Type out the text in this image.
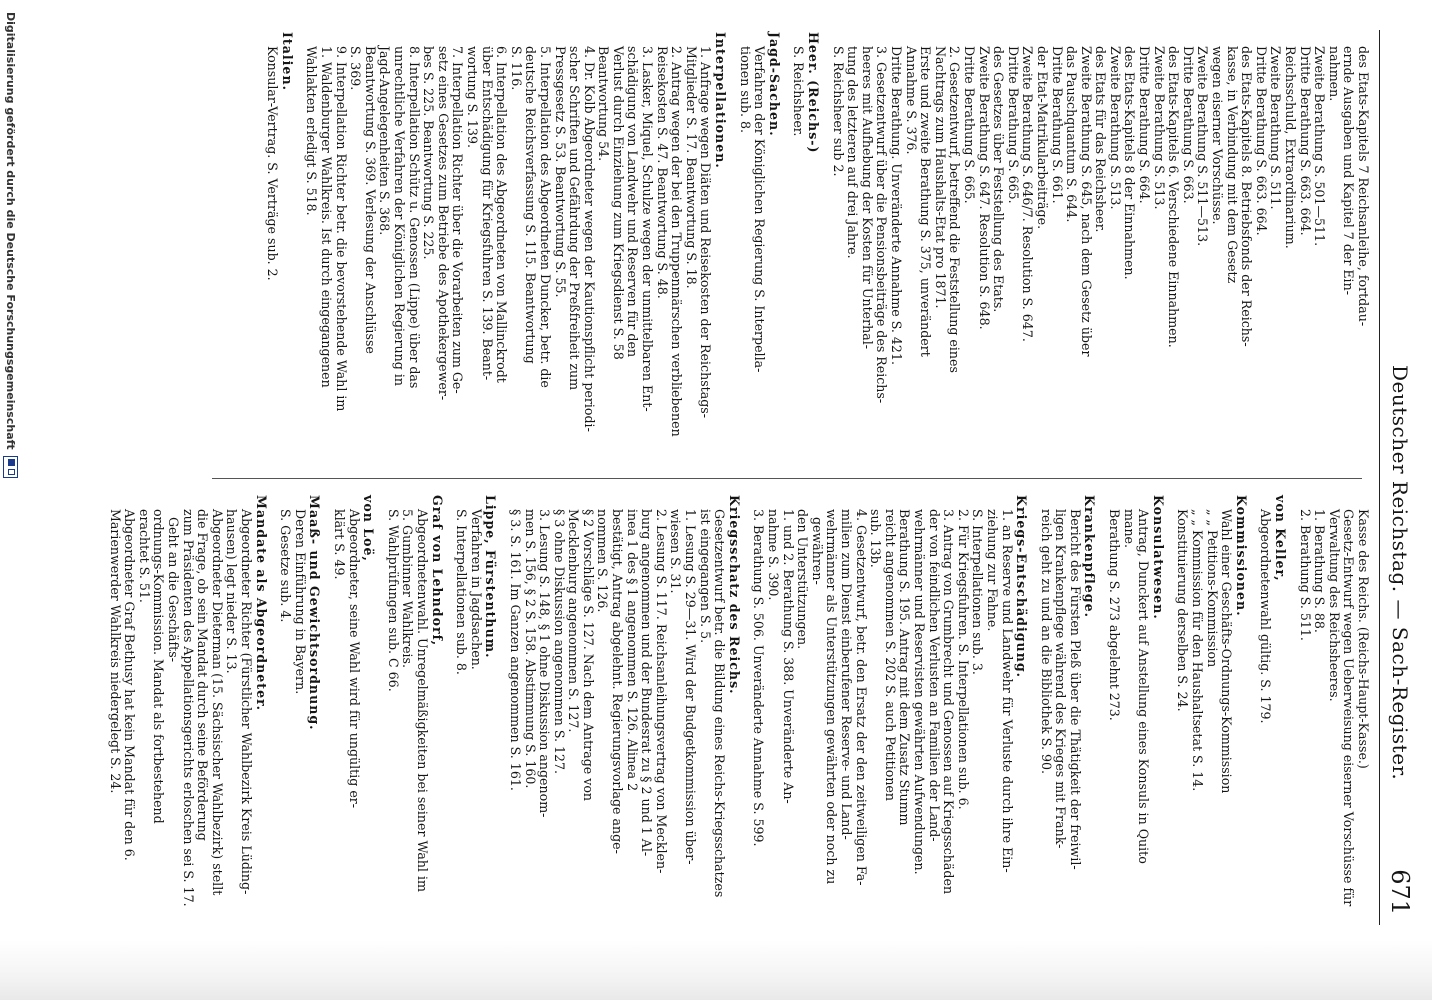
Deutscher Reichstag. — Sach-Register.
671
des Etats-Kapitels 7 Reichsanleihe, fortdau-
ernde Ausgaben und Kapitel 7 der Ein-
nahmen.
Zweite Berathung S. 501—511.
Dritte Berathung S. 663. 664.
Reichsschuld, Extraordinarium.
Zweite Berathung S. 511.
Dritte Berathung S. 663. 664.
des Etats-Kapitels 8. Betriebsfonds der Reichs-
kasse, in Verbindung mit dem Gesetz
wegen eiserner Vorschüsse.
Zweite Berathung S. 511—513.
Dritte Berathung S. 663.
des Etats-Kapitels 6. Verschiedene Einnahmen.
Zweite Berathung S. 513.
Dritte Berathung S. 664.
des Etats-Kapitels 8 der Einnahmen.
Zweite Berathung S. 513.
des Etats für das Reichsheer.
Zweite Berathung S. 645, nach dem Gesetz über
das Pauschquantum S. 644.
Dritte Berathung S. 661.
der Etat-Matrikularbeiträge.
Zweite Berathung S. 646/7. Resolution S. 647.
Dritte Berathung S. 665.
des Gesetzes über Feststellung des Etats.
Zweite Berathung S. 647. Resolution S. 648.
Dritte Berathung S. 665.
2. Gesetzentwurf, betreffend die Feststellung eines
Nachtrags zum Haushalts-Etat pro 1871.
Erste und zweite Berathung S. 375, unverändert
Annahme S. 376.
Dritte Berathung. Unveränderte Annahme S. 421.
3. Gesetzentwurf über die Pensionsbeiträge des Reichs-
heeres mit Aufhebung der Kosten für Unterhal-
tung des letzteren auf drei Jahre.
S. Reichsheer sub 2.
Heer. (Reichs-)
S. Reichsheer.
Jagd-Sachen.
Verfahren der Königlichen Regierung S. Interpella-
tionen sub. 8.
Interpellationen.
1. Anfrage wegen Diäten und Reisekosten der Reichstags-
Mitglieder S. 17. Beantwortung S. 18.
2. Antrag wegen der bei den Truppenmärschen verbliebenen
Reisekosten S. 47. Beantwortung S. 48.
3. Lasker, Miquel, Schulze wegen der unmittelbaren Ent-
schädigung von Landwehr und Reserven für den
Verlust durch Einziehung zum Kriegsdienst S. 58
Beantwortung 54.
4. Dr. Kolb Abgeordneter wegen der Kautionspflicht periodi-
scher Schriften und Gefährdung der Preßfreiheit zum
Pressgesetz S. 53. Beantwortung S. 55.
5. Interpellation des Abgeordneten Duncker, betr. die
deutsche Reichsverfassung S. 115. Beantwortung
S. 116.
6. Interpellation des Abgeordneten von Mallinckrodt
über Entschädigung für Kriegsfuhren S. 139. Beant-
wortung S. 139.
7. Interpellation Richter über die Vorarbeiten zum Ge-
setz eines Gesetzes zum Betriebe des Apothekergewer-
bes S. 225. Beantwortung S. 225.
8. Interpellation Schütz u. Genossen (Lippe) über das
unrechtliche Verfahren der Königlichen Regierung in
Jagd-Angelegenheiten S. 368.
Beantwortung S. 369. Verlesung der Anschlüsse
S. 369.
9. Interpellation Richter betr. die bevorstehende Wahl im
1. Waldenburger Wahlkreis. Ist durch eingegangenen
Wahlakten erledigt S. 518.
Italien.
Konsular-Vertrag. S. Verträge sub. 2.
Kasse des Reichs. (Reichs-Haupt-Kasse.)
Gesetz-Entwurf wegen Ueberweisung eiserner Vorschüsse für
Verwaltung des Reichsheeres.
1. Berathung S. 88.
2. Berathung S. 511.
von Keller,
Abgeordnetenwahl gültig. S. 179.
Kommissionen.
Wahl einer Geschäfts-Ordnungs-Kommission
„ „ Petitions-Kommission
„ „ Kommission für den Haushaltsetat S. 14.
Konstituierung derselben S. 24.
Konsulatwesen.
Antrag, Dunckert auf Anstellung eines Konsuls in Quito
mane.
Berathung S. 273 abgelehnt 273.
Krankenpflege.
Bericht des Fürsten Pleß über die Thätigkeit der freiwil-
ligen Krankenpflege während des Krieges mit Frank-
reich geht zu und an die Bibliothek S. 90.
Kriegs-Entschädigung.
1. an Reserve und Landwehr für Verluste durch ihre Ein-
ziehung zur Fahne.
S. Interpellationen sub. 3.
2. Für Kriegsfuhren. S. Interpellationen sub. 6.
3. Antrag von Grumbrecht und Genossen auf Kriegsschäden
der von feindlichen Verlusten an Familien der Land-
wehrmänner und Reservisten gewährten Aufwendungen.
Berathung S. 195. Antrag mit dem Zusatz Stumm
reicht angenommen S. 202 S. auch Petitionen
sub. 13b.
4. Gesetzentwurf, betr. den Ersatz der den zeitweiligen Fa-
milien zum Dienst einberufener Reserve- und Land-
wehrmänner als Unterstützungen gewährten oder noch zu gewähren-
den Unterstützungen.
1. und 2. Berathung S. 388. Unveränderte An-
nahme S. 390.
3. Berathung S. 506. Unveränderte Annahme S. 599.
Kriegsschatz des Reichs.
Gesetzentwurf betr. die Bildung eines Reichs-Kriegsschatzes
ist eingegangen S. 5.
1. Lesung S. 29—31. Wird der Budgetkommission über-
wiesen S. 31.
2. Lesung S. 117. Reichsanleihungsvertrag von Mecklen-
burg angenommen und der Bundesrat zu § 2 und 1 Al-
inea 1 des § 1 angenommen S. 126. Alinea 2
bestätigt, Antrag abgelehnt. Regierungsvorlage ange-
nommen S. 126.
§ 2 Vorschläge S. 127. Nach dem Antrage von
Mecklenburg angenommen S. 127.
§ 3 ohne Diskussion angenommen S. 127.
3. Lesung S. 148, § 1 ohne Diskussion angenom-
men S. 156, § 2 S. 158. Abstimmung S. 160.
§ 3. S. 161. Im Ganzen angenommen S. 161.
Lippe, Fürstenthum.
Verfahren in Jagdsachen.
S. Interpellationen sub. 8.
Graf von Lehndorf,
Abgeordnetenwahl. Unregelmäßigkeiten bei seiner Wahl im
5. Gumbinner Wahlkreis.
S. Wahlprüfungen sub. C 66.
von Loë,
Abgeordneter, seine Wahl wird für ungültig er-
klärt S. 49.
Maaß- und Gewichtsordnung.
Deren Einführung in Bayern.
S. Gesetze sub. 4.
Mandate als Abgeordneter.
Abgeordneter Richter (Fürstlicher Wahlbezirk Kreis Lüding-
hausen) legt nieder S. 13.
Abgeordneter Dieterman (15. Sächsischer Wahlbezirk) stellt
die Frage, ob sein Mandat durch seine Beförderung
zum Präsidenten des Appellationsgerichts erloschen sei S. 17. Geht an die Geschäfts-
ordnungs-Kommission. Mandat als fortbestehend
erachtet S. 51.
Abgeordneter Graf Bethusy hat kein Mandat für den 6.
Marienwerder Wahlkreis niedergelegt S. 24.
Digitalisierung gefördert durch die Deutsche Forschungsgemeinschaft
